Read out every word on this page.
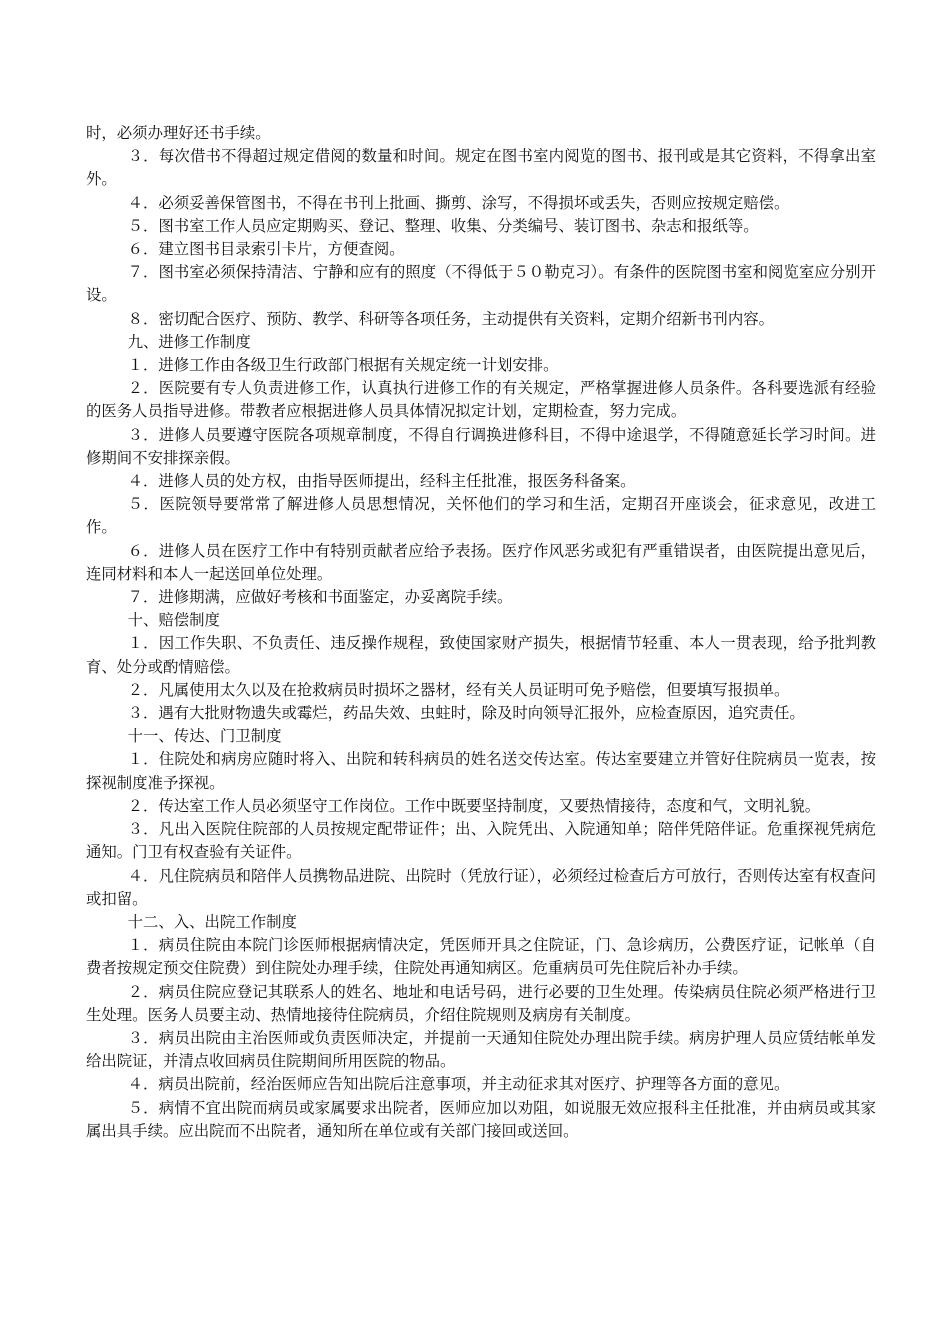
时，必须办理好还书手续。

３．每次借书不得超过规定借阅的数量和时间。规定在图书室内阅览的图书、报刊或是其它资料，不得拿出室外。

４．必须妥善保管图书，不得在书刊上批画、撕剪、涂写，不得损坏或丢失，否则应按规定赔偿。

５．图书室工作人员应定期购买、登记、整理、收集、分类编号、装订图书、杂志和报纸等。

６．建立图书目录索引卡片，方便查阅。

７．图书室必须保持清洁、宁静和应有的照度（不得低于５０勒克习）。有条件的医院图书室和阅览室应分别开设。

８．密切配合医疗、预防、教学、科研等各项任务，主动提供有关资料，定期介绍新书刊内容。

九、进修工作制度

１．进修工作由各级卫生行政部门根据有关规定统一计划安排。

２．医院要有专人负责进修工作，认真执行进修工作的有关规定，严格掌握进修人员条件。各科要选派有经验的医务人员指导进修。带教者应根据进修人员具体情况拟定计划，定期检查，努力完成。

３．进修人员要遵守医院各项规章制度，不得自行调换进修科目，不得中途退学，不得随意延长学习时间。进修期间不安排探亲假。

４．进修人员的处方权，由指导医师提出，经科主任批准，报医务科备案。

５．医院领导要常常了解进修人员思想情况，关怀他们的学习和生活，定期召开座谈会，征求意见，改进工作。

６．进修人员在医疗工作中有特别贡献者应给予表扬。医疗作风恶劣或犯有严重错误者，由医院提出意见后，连同材料和本人一起送回单位处理。

７．进修期满，应做好考核和书面鉴定，办妥离院手续。

十、赔偿制度

１．因工作失职、不负责任、违反操作规程，致使国家财产损失，根据情节轻重、本人一贯表现，给予批判教育、处分或酌情赔偿。

２．凡属使用太久以及在抢救病员时损坏之器材，经有关人员证明可免予赔偿，但要填写报损单。

３．遇有大批财物遗失或霉烂，药品失效、虫蛀时，除及时向领导汇报外，应检查原因，追究责任。

十一、传达、门卫制度

１．住院处和病房应随时将入、出院和转科病员的姓名送交传达室。传达室要建立并管好住院病员一览表，按探视制度准予探视。

２．传达室工作人员必须坚守工作岗位。工作中既要坚持制度，又要热情接待，态度和气，文明礼貌。

３．凡出入医院住院部的人员按规定配带证件；出、入院凭出、入院通知单；陪伴凭陪伴证。危重探视凭病危通知。门卫有权查验有关证件。

４．凡住院病员和陪伴人员携物品进院、出院时（凭放行证），必须经过检查后方可放行，否则传达室有权查问或扣留。

十二、入、出院工作制度

１．病员住院由本院门诊医师根据病情决定，凭医师开具之住院证，门、急诊病历，公费医疗证，记帐单（自费者按规定预交住院费）到住院处办理手续，住院处再通知病区。危重病员可先住院后补办手续。

２．病员住院应登记其联系人的姓名、地址和电话号码，进行必要的卫生处理。传染病员住院必须严格进行卫生处理。医务人员要主动、热情地接待住院病员，介绍住院规则及病房有关制度。

３．病员出院由主治医师或负责医师决定，并提前一天通知住院处办理出院手续。病房护理人员应赁结帐单发给出院证，并清点收回病员住院期间所用医院的物品。

４．病员出院前，经治医师应告知出院后注意事项，并主动征求其对医疗、护理等各方面的意见。

５．病情不宜出院而病员或家属要求出院者，医师应加以劝阻，如说服无效应报科主任批准，并由病员或其家属出具手续。应出院而不出院者，通知所在单位或有关部门接回或送回。
